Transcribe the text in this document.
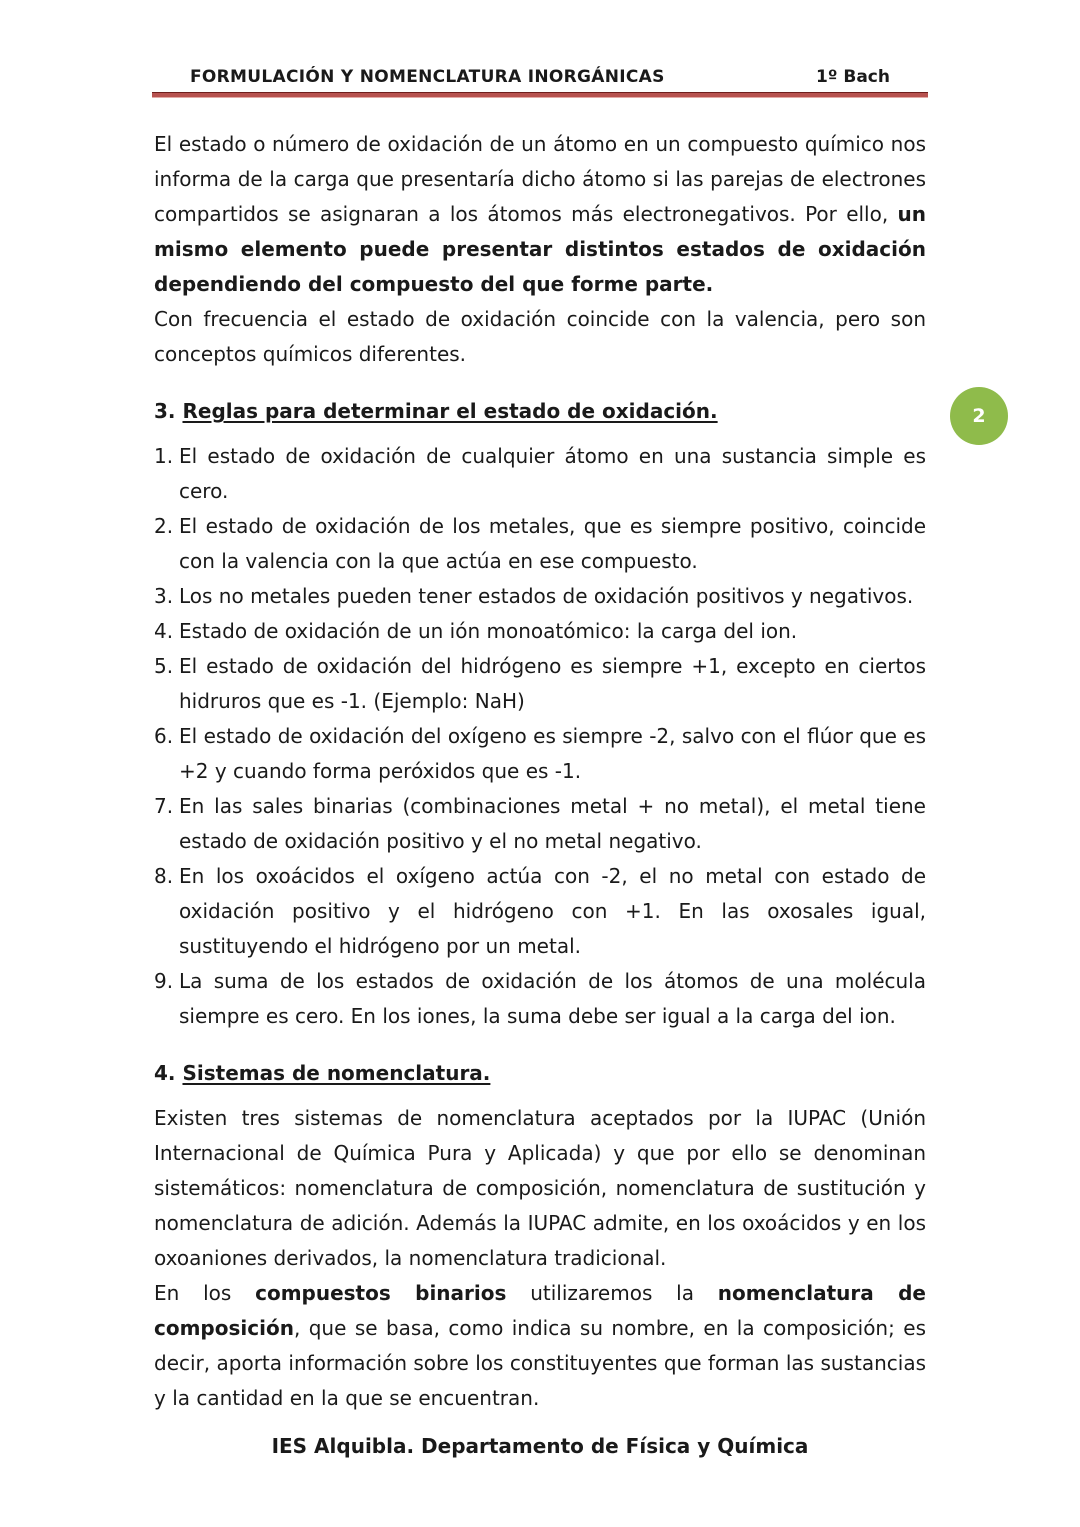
FORMULACIÓN Y NOMENCLATURA INORGÁNICAS	1º Bach
2

El estado o número de oxidación de un átomo en un compuesto químico nos informa de la carga que presentaría dicho átomo si las parejas de electrones compartidos se asignaran a los átomos más electronegativos. Por ello, un mismo elemento puede presentar distintos estados de oxidación dependiendo del compuesto del que forme parte.

Con frecuencia el estado de oxidación coincide con la valencia, pero son conceptos químicos diferentes.

3. Reglas para determinar el estado de oxidación.

1. El estado de oxidación de cualquier átomo en una sustancia simple es cero.
2. El estado de oxidación de los metales, que es siempre positivo, coincide con la valencia con la que actúa en ese compuesto.
3. Los no metales pueden tener estados de oxidación positivos y negativos.
4. Estado de oxidación de un ión monoatómico: la carga del ion.
5. El estado de oxidación del hidrógeno es siempre +1, excepto en ciertos hidruros que es -1. (Ejemplo: NaH)
6. El estado de oxidación del oxígeno es siempre -2, salvo con el flúor que es +2 y cuando forma peróxidos que es -1.
7. En las sales binarias (combinaciones metal + no metal), el metal tiene estado de oxidación positivo y el no metal negativo.
8. En los oxoácidos el oxígeno actúa con -2, el no metal con estado de oxidación positivo y el hidrógeno con +1. En las oxosales igual, sustituyendo el hidrógeno por un metal.
9. La suma de los estados de oxidación de los átomos de una molécula siempre es cero. En los iones, la suma debe ser igual a la carga del ion.

4. Sistemas de nomenclatura.

Existen tres sistemas de nomenclatura aceptados por la IUPAC (Unión Internacional de Química Pura y Aplicada) y que por ello se denominan sistemáticos: nomenclatura de composición, nomenclatura de sustitución y nomenclatura de adición. Además la IUPAC admite, en los oxoácidos y en los oxoaniones derivados, la nomenclatura tradicional.

En los compuestos binarios utilizaremos la nomenclatura de composición, que se basa, como indica su nombre, en la composición; es decir, aporta información sobre los constituyentes que forman las sustancias y la cantidad en la que se encuentran.

IES Alquibla. Departamento de Física y Química
